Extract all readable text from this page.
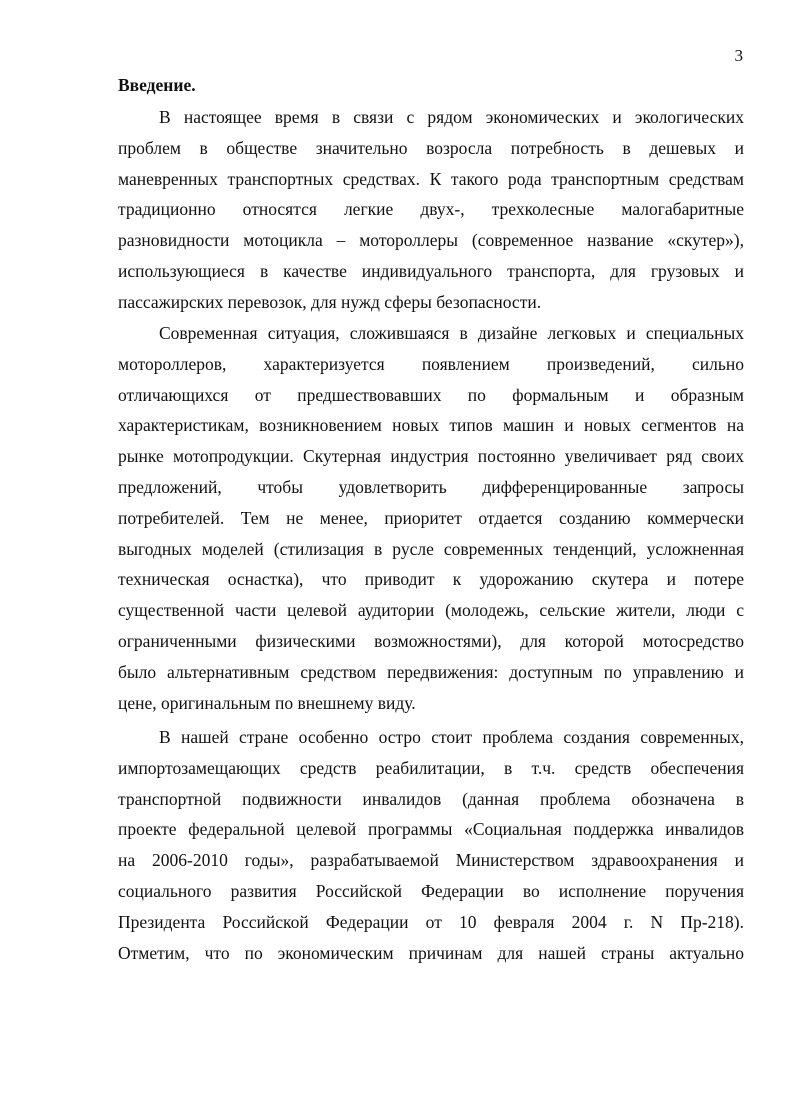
3
Введение.
В настоящее время в связи с рядом экономических и экологических
проблем в обществе значительно возросла потребность в дешевых и
маневренных транспортных средствах. К такого рода транспортным средствам
традиционно относятся легкие двух-, трехколесные малогабаритные
разновидности мотоцикла – мотороллеры (современное название «скутер»),
использующиеся в качестве индивидуального транспорта, для грузовых и
пассажирских перевозок, для нужд сферы безопасности.
Современная ситуация, сложившаяся в дизайне легковых и специальных
мотороллеров, характеризуется появлением произведений, сильно
отличающихся от предшествовавших по формальным и образным
характеристикам, возникновением новых типов машин и новых сегментов на
рынке мотопродукции. Скутерная индустрия постоянно увеличивает ряд своих
предложений, чтобы удовлетворить дифференцированные запросы
потребителей. Тем не менее, приоритет отдается созданию коммерчески
выгодных моделей (стилизация в русле современных тенденций, усложненная
техническая оснастка), что приводит к удорожанию скутера и потере
существенной части целевой аудитории (молодежь, сельские жители, люди с
ограниченными физическими возможностями), для которой мотосредство
было альтернативным средством передвижения: доступным по управлению и
цене, оригинальным по внешнему виду.
В нашей стране особенно остро стоит проблема создания современных,
импортозамещающих средств реабилитации, в т.ч. средств обеспечения
транспортной подвижности инвалидов (данная проблема обозначена в
проекте федеральной целевой программы «Социальная поддержка инвалидов
на 2006-2010 годы», разрабатываемой Министерством здравоохранения и
социального развития Российской Федерации во исполнение поручения
Президента Российской Федерации от 10 февраля 2004 г. N Пр-218).
Отметим, что по экономическим причинам для нашей страны актуально
